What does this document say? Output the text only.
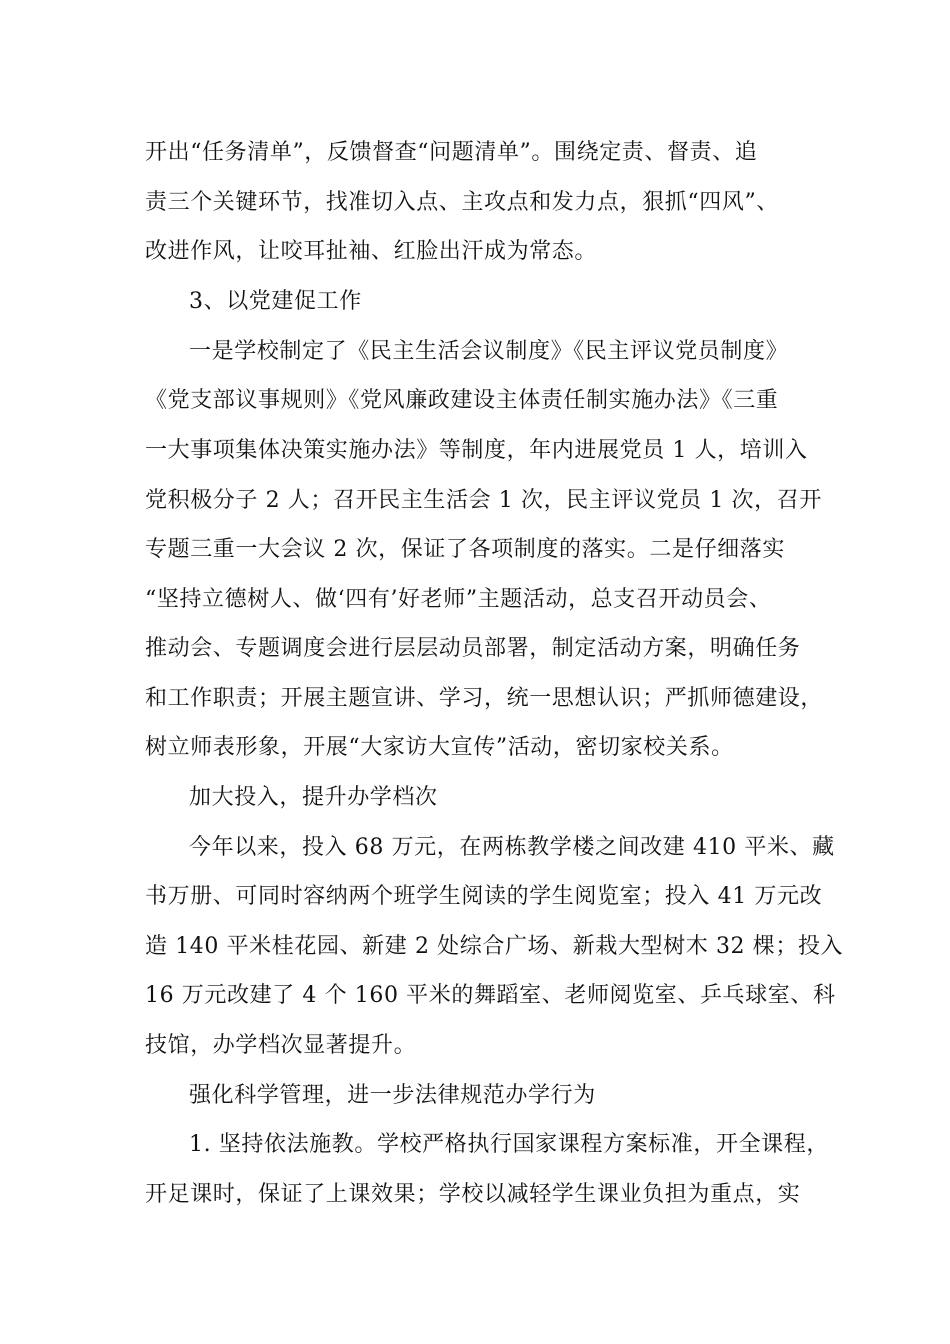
开出“任务清单”，反馈督查“问题清单”。围绕定责、督责、追
责三个关键环节，找准切入点、主攻点和发力点，狠抓“四风”、
改进作风，让咬耳扯袖、红脸出汗成为常态。
3、以党建促工作
一是学校制定了《民主生活会议制度》《民主评议党员制度》
《党支部议事规则》《党风廉政建设主体责任制实施办法》《三重
一大事项集体决策实施办法》等制度，年内进展党员 1 人，培训入
党积极分子 2 人；召开民主生活会 1 次，民主评议党员 1 次，召开
专题三重一大会议 2 次，保证了各项制度的落实。二是仔细落实
“坚持立德树人、做‘四有’好老师”主题活动，总支召开动员会、
推动会、专题调度会进行层层动员部署，制定活动方案，明确任务
和工作职责；开展主题宣讲、学习，统一思想认识；严抓师德建设，
树立师表形象，开展“大家访大宣传”活动，密切家校关系。
加大投入，提升办学档次
今年以来，投入 68 万元，在两栋教学楼之间改建 410 平米、藏
书万册、可同时容纳两个班学生阅读的学生阅览室；投入 41 万元改
造 140 平米桂花园、新建 2 处综合广场、新栽大型树木 32 棵；投入
16 万元改建了 4 个 160 平米的舞蹈室、老师阅览室、乒乓球室、科
技馆，办学档次显著提升。
强化科学管理，进一步法律规范办学行为
1. 坚持依法施教。学校严格执行国家课程方案标准，开全课程，
开足课时，保证了上课效果；学校以减轻学生课业负担为重点，实
